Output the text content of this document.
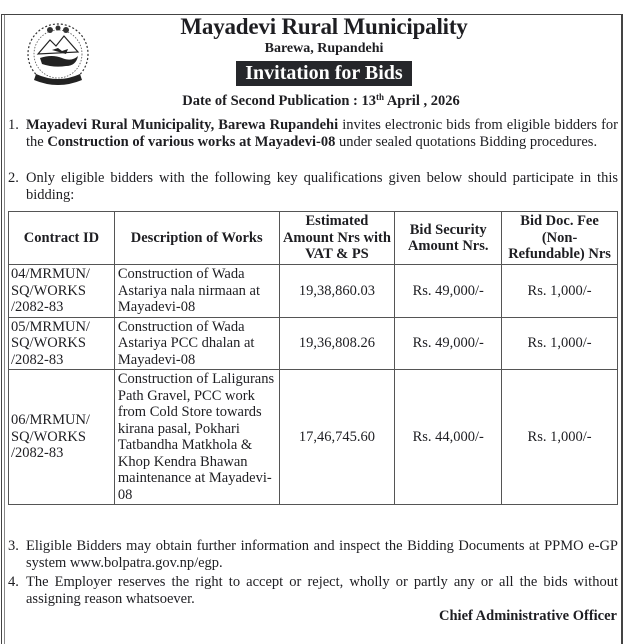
Mayadevi Rural Municipality
Barewa, Rupandehi
Invitation for Bids
Date of Second Publication : 13th April , 2026
1. Mayadevi Rural Municipality, Barewa Rupandehi invites electronic bids from eligible bidders for the Construction of various works at Mayadevi-08 under sealed quotations Bidding procedures.
2. Only eligible bidders with the following key qualifications given below should participate in this bidding:
Contract ID	Description of Works	Estimated Amount Nrs with VAT & PS	Bid Security Amount Nrs.	Bid Doc. Fee (Non-Refundable) Nrs
04/MRMUN/ SQ/WORKS /2082-83	Construction of Wada Astariya nala nirmaan at Mayadevi-08	19,38,860.03	Rs. 49,000/-	Rs. 1,000/-
05/MRMUN/ SQ/WORKS /2082-83	Construction of Wada Astariya PCC dhalan at Mayadevi-08	19,36,808.26	Rs. 49,000/-	Rs. 1,000/-
06/MRMUN/ SQ/WORKS /2082-83	Construction of Laligurans Path Gravel, PCC work from Cold Store towards kirana pasal, Pokhari Tatbandha Matkhola & Khop Kendra Bhawan maintenance at Mayadevi-08	17,46,745.60	Rs. 44,000/-	Rs. 1,000/-
3. Eligible Bidders may obtain further information and inspect the Bidding Documents at PPMO e-GP system www.bolpatra.gov.np/egp.
4. The Employer reserves the right to accept or reject, wholly or partly any or all the bids without assigning reason whatsoever.
Chief Administrative Officer
